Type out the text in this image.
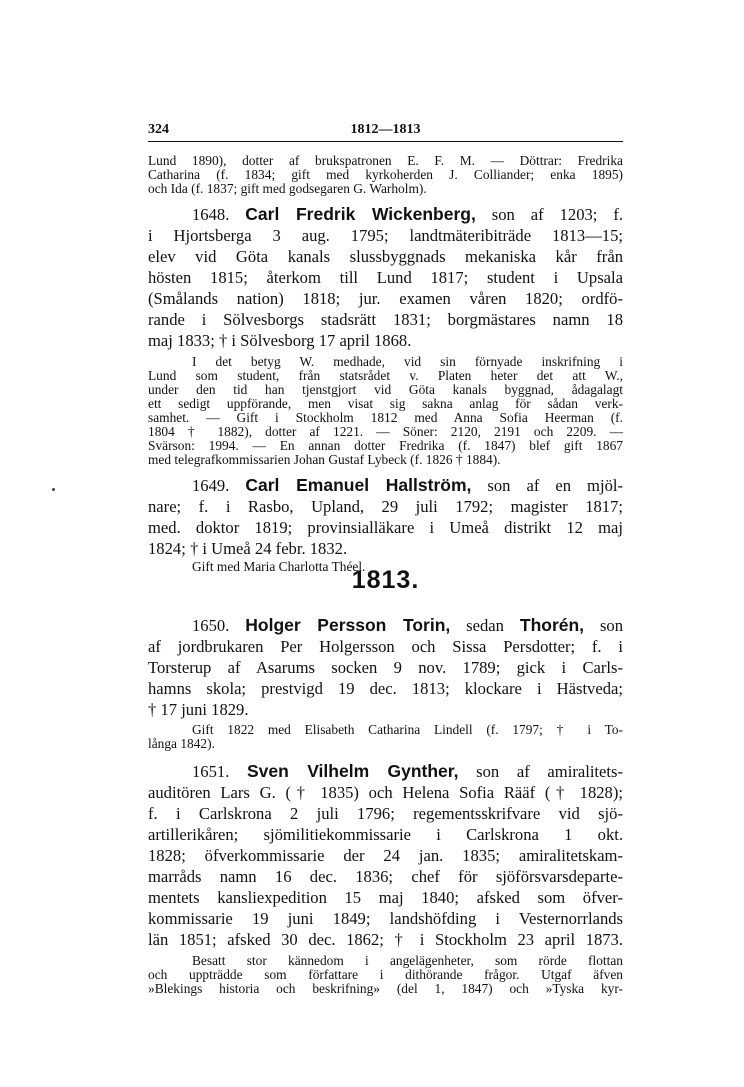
324	1812—1813
Lund 1890), dotter af brukspatronen E. F. M. — Döttrar: Fredrika
Catharina (f. 1834; gift med kyrkoherden J. Colliander; enka 1895)
och Ida (f. 1837; gift med godsegaren G. Warholm).
1648. Carl Fredrik Wickenberg, son af 1203; f.
i Hjortsberga 3 aug. 1795; landtmäteribiträde 1813—15;
elev vid Göta kanals slussbyggnads mekaniska kår från
hösten 1815; återkom till Lund 1817; student i Upsala
(Smålands nation) 1818; jur. examen våren 1820; ordfö-
rande i Sölvesborgs stadsrätt 1831; borgmästares namn 18
maj 1833; † i Sölvesborg 17 april 1868.
I det betyg W. medhade, vid sin förnyade inskrifning i
Lund som student, från statsrådet v. Platen heter det att W.,
under den tid han tjenstgjort vid Göta kanals byggnad, ådagalagt
ett sedigt uppförande, men visat sig sakna anlag för sådan verk-
samhet. — Gift i Stockholm 1812 med Anna Sofia Heerman (f.
1804 † 1882), dotter af 1221. — Söner: 2120, 2191 och 2209. —
Svärson: 1994. — En annan dotter Fredrika (f. 1847) blef gift 1867
med telegrafkommissarien Johan Gustaf Lybeck (f. 1826 † 1884).
1649. Carl Emanuel Hallström, son af en mjöl-
nare; f. i Rasbo, Upland, 29 juli 1792; magister 1817;
med. doktor 1819; provinsialläkare i Umeå distrikt 12 maj
1824; † i Umeå 24 febr. 1832.
Gift med Maria Charlotta Théel.
1650. Holger Persson Torin, sedan Thorén, son
af jordbrukaren Per Holgersson och Sissa Persdotter; f. i
Torsterup af Asarums socken 9 nov. 1789; gick i Carls-
hamns skola; prestvigd 19 dec. 1813; klockare i Hästveda;
† 17 juni 1829.
Gift 1822 med Elisabeth Catharina Lindell (f. 1797; † i To-
långa 1842).
1651. Sven Vilhelm Gynther, son af amiralitets-
auditören Lars G. († 1835) och Helena Sofia Rääf († 1828);
f. i Carlskrona 2 juli 1796; regementsskrifvare vid sjö-
artillerikåren; sjömilitiekommissarie i Carlskrona 1 okt.
1828; öfverkommissarie der 24 jan. 1835; amiralitetskam-
marråds namn 16 dec. 1836; chef för sjöförsvarsdeparte-
mentets kansliexpedition 15 maj 1840; afsked som öfver-
kommissarie 19 juni 1849; landshöfding i Vesternorrlands
län 1851; afsked 30 dec. 1862; † i Stockholm 23 april 1873.
Besatt stor kännedom i angelägenheter, som rörde flottan
och uppträdde som författare i dithörande frågor. Utgaf äfven
»Blekings historia och beskrifning» (del 1, 1847) och »Tyska kyr-
1813.
